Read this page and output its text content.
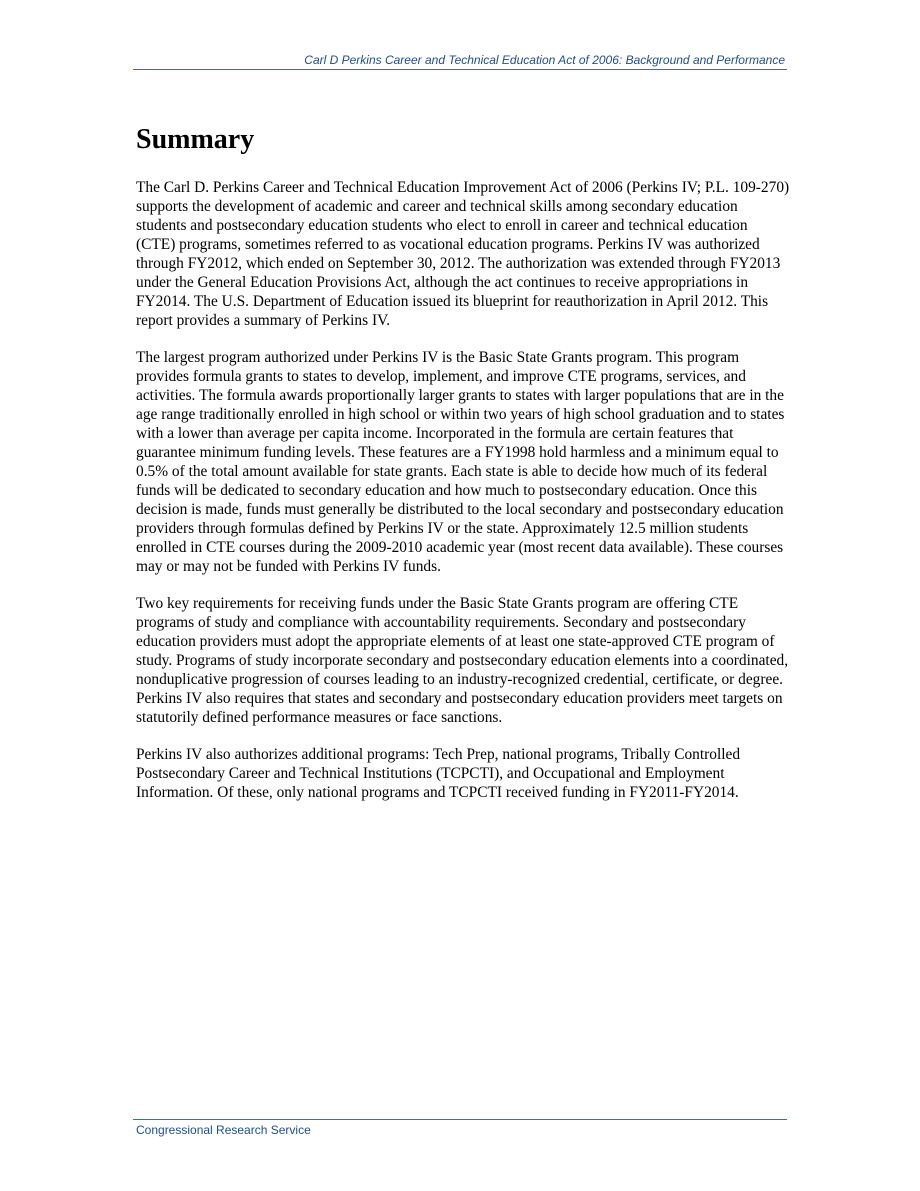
Carl D Perkins Career and Technical Education Act of 2006: Background and Performance
Summary

The Carl D. Perkins Career and Technical Education Improvement Act of 2006 (Perkins IV; P.L. 109-270) supports the development of academic and career and technical skills among secondary education students and postsecondary education students who elect to enroll in career and technical education (CTE) programs, sometimes referred to as vocational education programs. Perkins IV was authorized through FY2012, which ended on September 30, 2012. The authorization was extended through FY2013 under the General Education Provisions Act, although the act continues to receive appropriations in FY2014. The U.S. Department of Education issued its blueprint for reauthorization in April 2012. This report provides a summary of Perkins IV.

The largest program authorized under Perkins IV is the Basic State Grants program. This program provides formula grants to states to develop, implement, and improve CTE programs, services, and activities. The formula awards proportionally larger grants to states with larger populations that are in the age range traditionally enrolled in high school or within two years of high school graduation and to states with a lower than average per capita income. Incorporated in the formula are certain features that guarantee minimum funding levels. These features are a FY1998 hold harmless and a minimum equal to 0.5% of the total amount available for state grants. Each state is able to decide how much of its federal funds will be dedicated to secondary education and how much to postsecondary education. Once this decision is made, funds must generally be distributed to the local secondary and postsecondary education providers through formulas defined by Perkins IV or the state. Approximately 12.5 million students enrolled in CTE courses during the 2009-2010 academic year (most recent data available). These courses may or may not be funded with Perkins IV funds.

Two key requirements for receiving funds under the Basic State Grants program are offering CTE programs of study and compliance with accountability requirements. Secondary and postsecondary education providers must adopt the appropriate elements of at least one state-approved CTE program of study. Programs of study incorporate secondary and postsecondary education elements into a coordinated, nonduplicative progression of courses leading to an industry-recognized credential, certificate, or degree. Perkins IV also requires that states and secondary and postsecondary education providers meet targets on statutorily defined performance measures or face sanctions.

Perkins IV also authorizes additional programs: Tech Prep, national programs, Tribally Controlled Postsecondary Career and Technical Institutions (TCPCTI), and Occupational and Employment Information. Of these, only national programs and TCPCTI received funding in FY2011-FY2014.

Congressional Research Service
